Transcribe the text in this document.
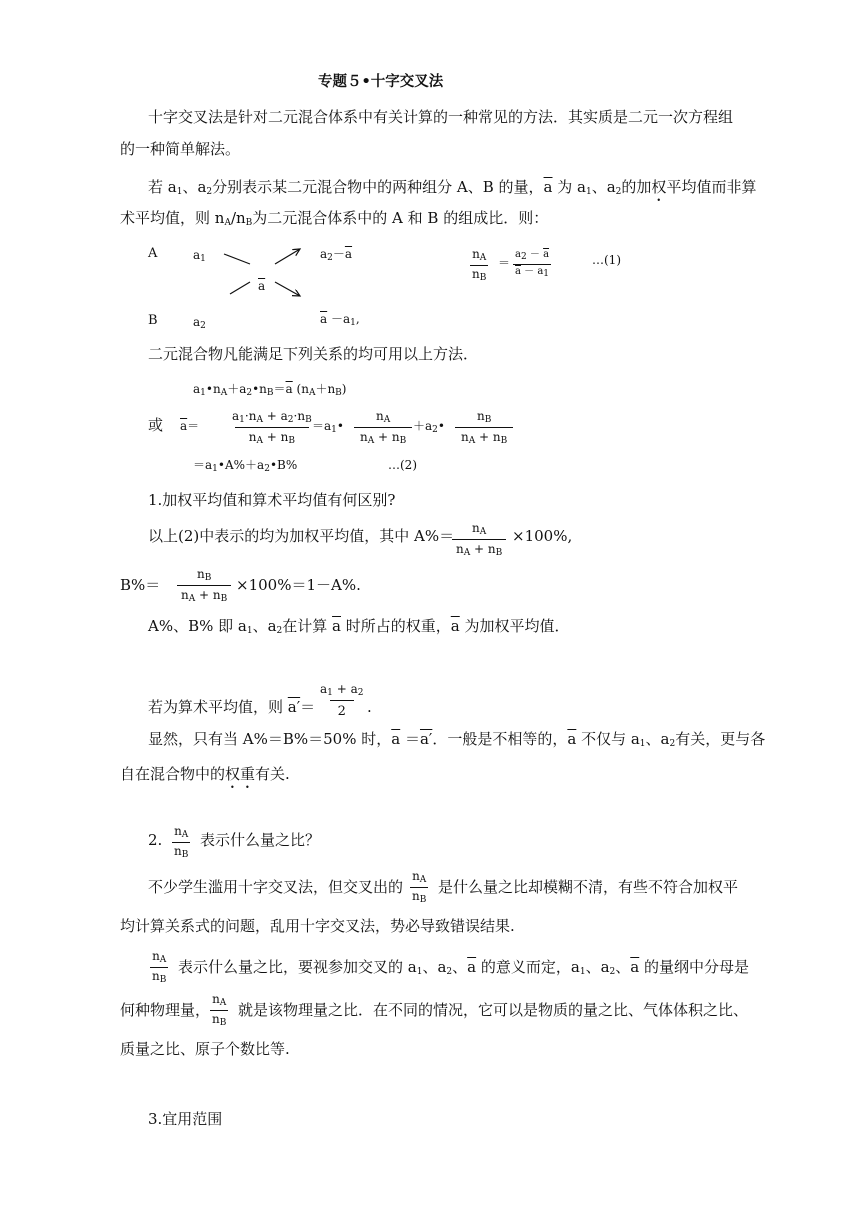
专题５•十字交叉法
十字交叉法是针对二元混合体系中有关计算的一种常见的方法．其实质是二元一次方程组
的一种简单解法。
若 $a_1$、$a_2$分别表示某二元混合物中的两种组分 A、B 的量，$\overline{a}$ 为 $a_1$、$a_2$的加权平均值而非算
术平均值，则 $n_A/n_B$为二元混合体系中的 A 和 B 的组成比．则：
A	$a_1$	$a_2-\overline{a}$
$\overline{a}$
B	$a_2$	$\overline{a} -a_1$,
$\frac{n_A}{n_B} = \frac{a_2 - \overline{a}}{\overline{a} - a_1}$	…(1)
二元混合物凡能满足下列关系的均可用以上方法．
$a_1•n_A+a_2•n_B=\overline{a}$ $(n_A+n_B)$
或 $\overline{a}=$	$\frac{a_1\cdot n_A + a_2\cdot n_B}{n_A + n_B}$
$=a_1• \frac{n_A}{n_A + n_B}$ $+a_2• \frac{n_B}{n_A + n_B}$
$=a_1•A\%+a_2•B\%$	…(2)
1.加权平均值和算术平均值有何区别?
以上(2)中表示的均为加权平均值，其中 A%＝
$\frac{n_A}{n_A + n_B} \times 100\%$,
$B\%= \frac{n_B}{n_A + n_B} \times 100\%=1-A\%$.
A%、B% 即 $a_1$、$a_2$在计算 $\overline{a}$ 时所占的权重，$\overline{a}$ 为加权平均值．
若为算术平均值，则 $a'= \frac{a_1 + a_2}{2}$ .
显然，只有当 A%＝B%＝50% 时，$\overline{a} =a'$．一般是不相等的，$\overline{a}$ 不仅与 $a_1$、$a_2$有关，更与各
自在混合物中的权重有关.
2. $\frac{n_A}{n_B}$ 表示什么量之比？
不少学生滥用十字交叉法，但交叉出的 $\frac{n_A}{n_B}$ 是什么量之比却模糊不清，有些不符合加权平
均计算关系式的问题，乱用十字交叉法，势必导致错误结果.
$\frac{n_A}{n_B}$ 表示什么量之比，要视参加交叉的 $a_1$、$a_2$、$\overline{a}$ 的意义而定，$a_1$、$a_2$、$\overline{a}$ 的量纲中分母是
何种物理量， $\frac{n_A}{n_B}$ 就是该物理量之比．在不同的情况，它可以是物质的量之比、气体体积之比、
质量之比、原子个数比等.
3.宜用范围
